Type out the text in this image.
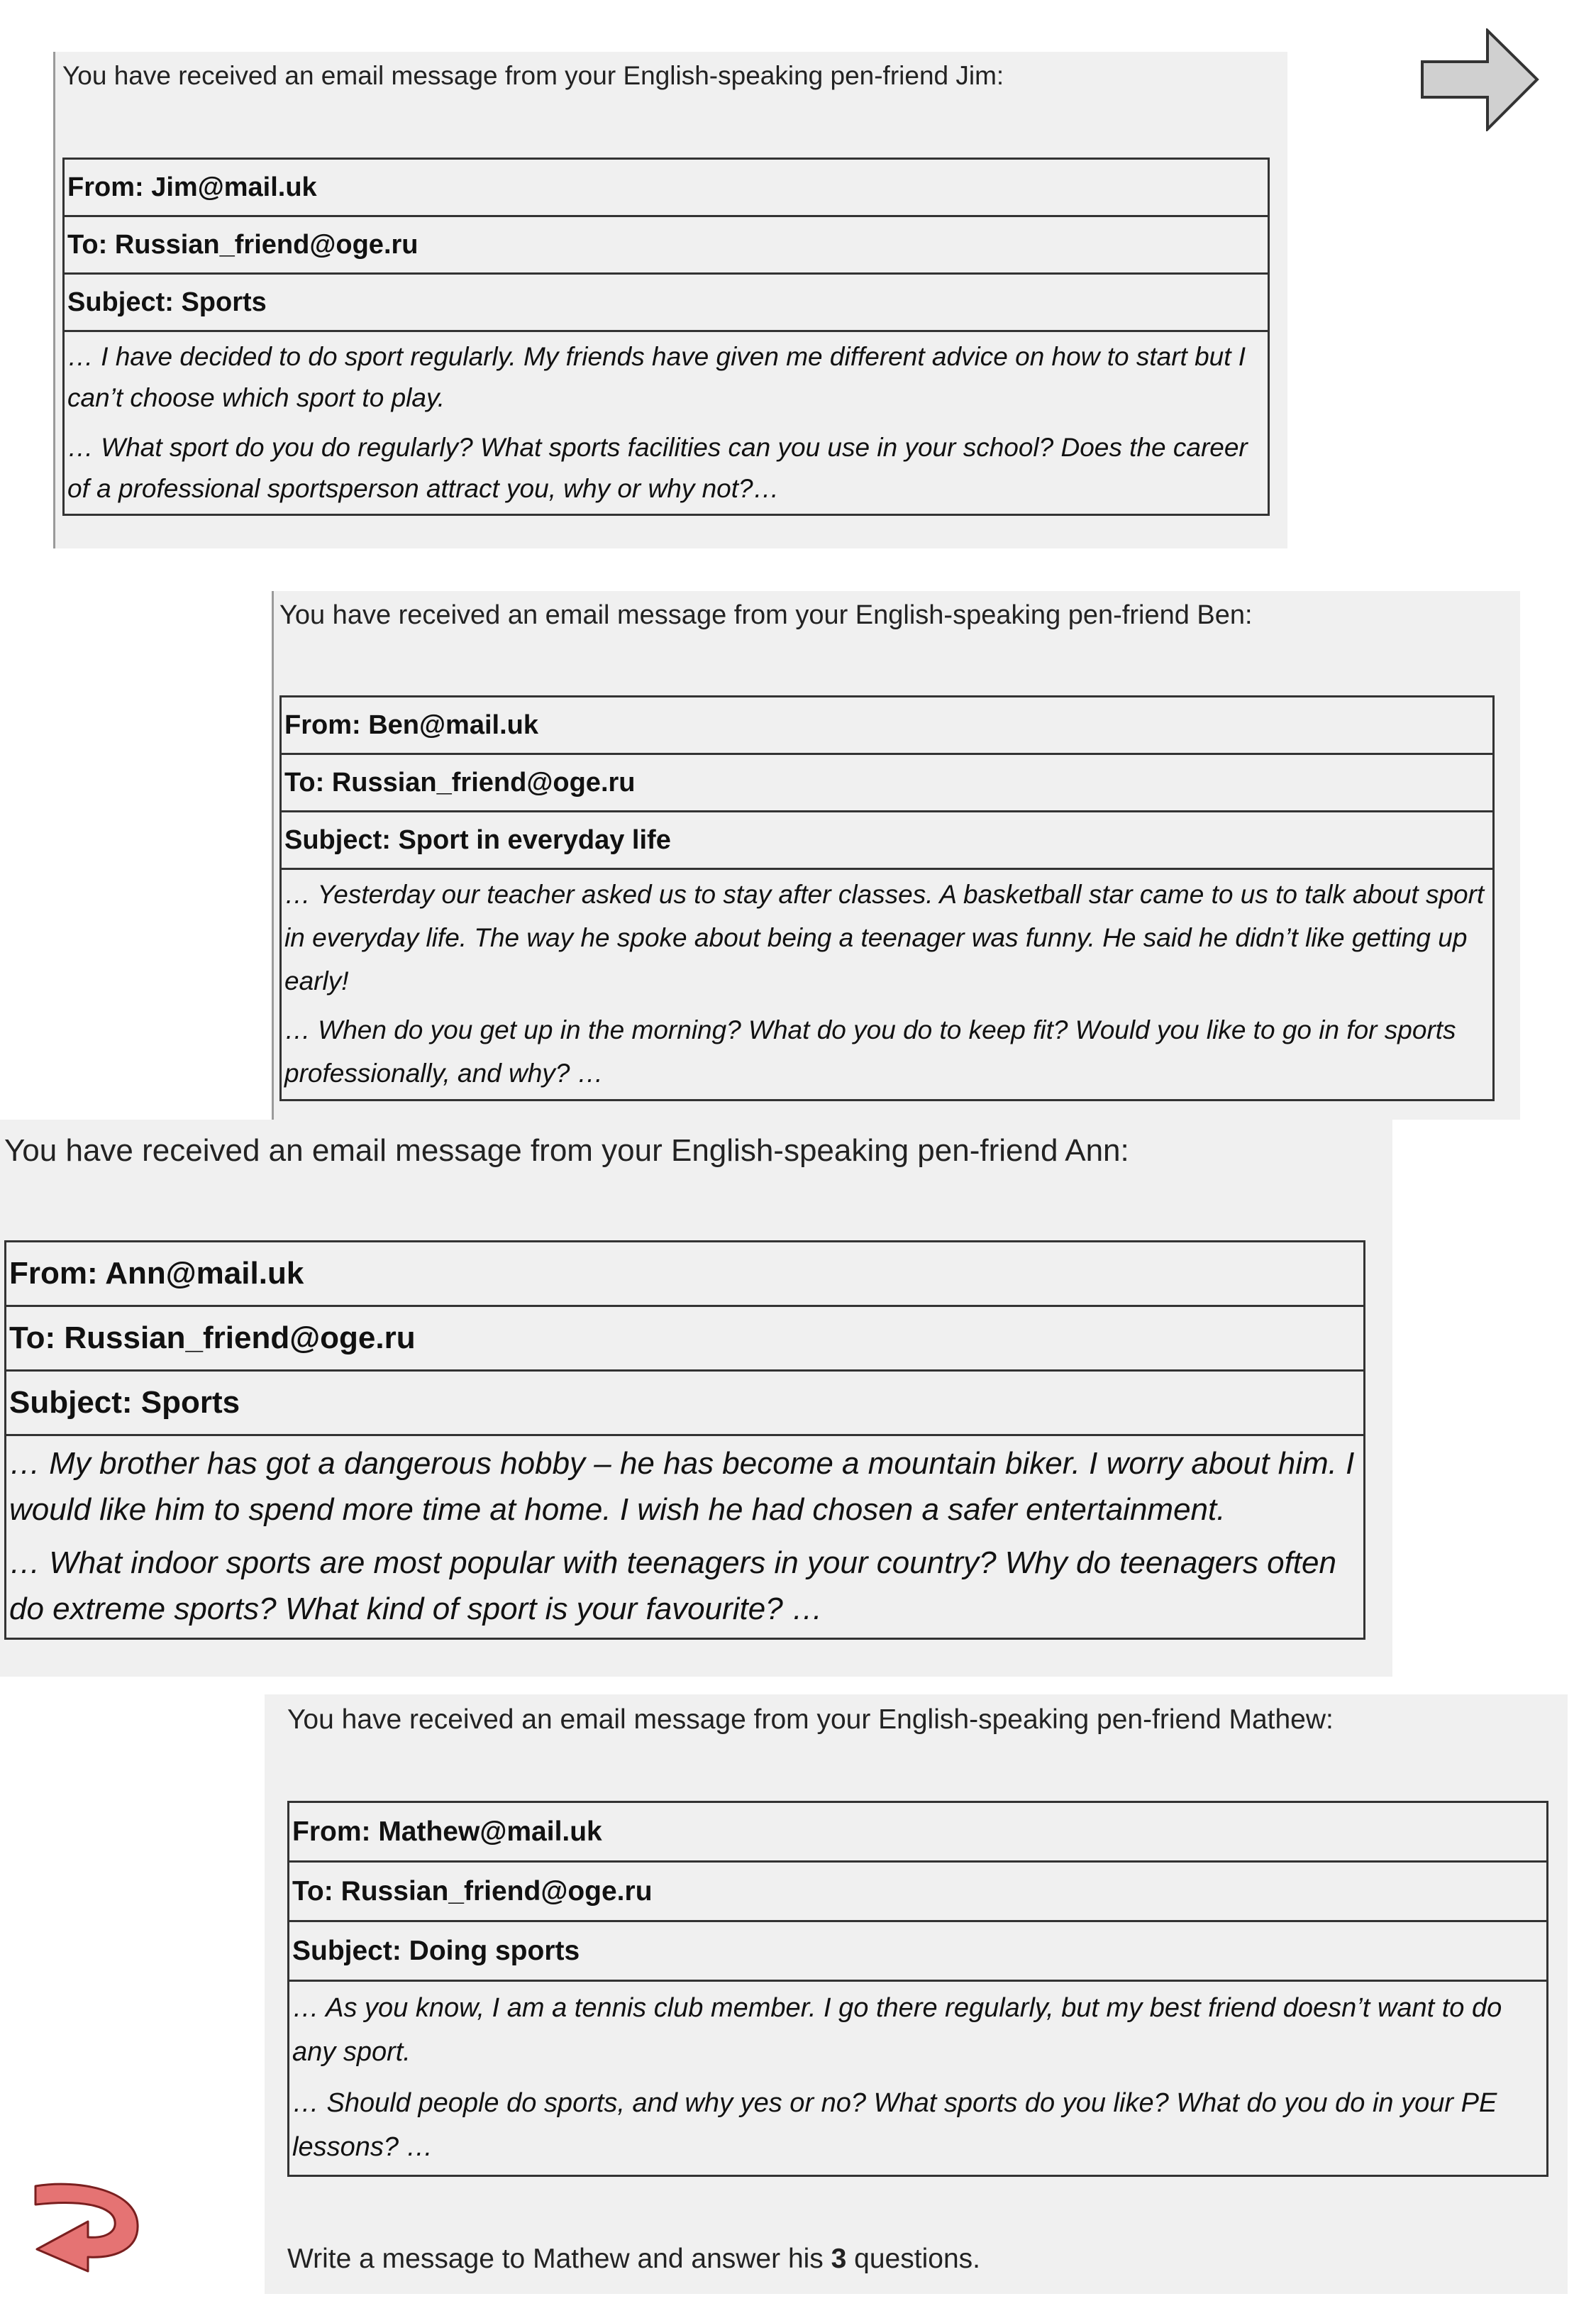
You have received an email message from your English-speaking pen-friend Jim:
From: Jim@mail.uk
To: Russian_friend@oge.ru
Subject: Sports

… I have decided to do sport regularly. My friends have given me different advice on how to start but I can’t choose which sport to play.

… What sport do you do regularly? What sports facilities can you use in your school? Does the career of a professional sportsperson attract you, why or why not?…

You have received an email message from your English-speaking pen-friend Ben:
From: Ben@mail.uk
To: Russian_friend@oge.ru
Subject: Sport in everyday life

… Yesterday our teacher asked us to stay after classes. A basketball star came to us to talk about sport in everyday life. The way he spoke about being a teenager was funny. He said he didn’t like getting up early!

… When do you get up in the morning? What do you do to keep fit? Would you like to go in for sports professionally, and why? …

You have received an email message from your English-speaking pen-friend Ann:
From: Ann@mail.uk
To: Russian_friend@oge.ru
Subject: Sports

… My brother has got a dangerous hobby – he has become a mountain biker. I worry about him. I would like him to spend more time at home. I wish he had chosen a safer entertainment.

… What indoor sports are most popular with teenagers in your country? Why do teenagers often do extreme sports? What kind of sport is your favourite? …

You have received an email message from your English-speaking pen-friend Mathew:
From: Mathew@mail.uk
To: Russian_friend@oge.ru
Subject: Doing sports

… As you know, I am a tennis club member. I go there regularly, but my best friend doesn’t want to do any sport.

… Should people do sports, and why yes or no? What sports do you like? What do you do in your PE lessons? …

Write a message to Mathew and answer his 3 questions.
